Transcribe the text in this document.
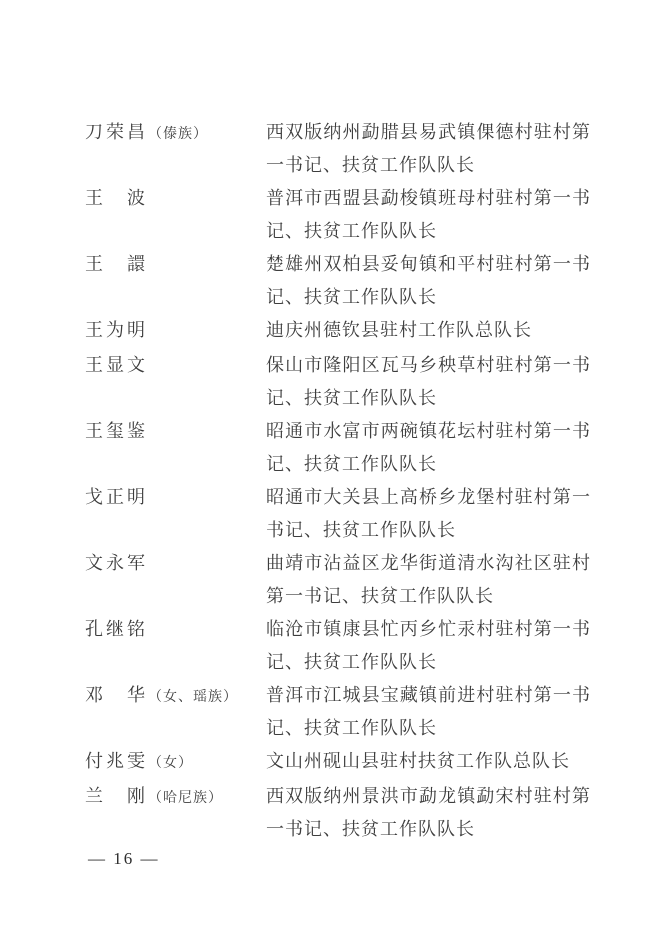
刀荣昌（傣族）	西双版纳州勐腊县易武镇倮德村驻村第一书记、扶贫工作队队长
王　波	普洱市西盟县勐梭镇班母村驻村第一书记、扶贫工作队队长
王　譞	楚雄州双柏县妥甸镇和平村驻村第一书记、扶贫工作队队长
王为明	迪庆州德钦县驻村工作队总队长
王显文	保山市隆阳区瓦马乡秧草村驻村第一书记、扶贫工作队队长
王玺鉴	昭通市水富市两碗镇花坛村驻村第一书记、扶贫工作队队长
戈正明	昭通市大关县上高桥乡龙堡村驻村第一书记、扶贫工作队队长
文永军	曲靖市沾益区龙华街道清水沟社区驻村第一书记、扶贫工作队队长
孔继铭	临沧市镇康县忙丙乡忙汞村驻村第一书记、扶贫工作队队长
邓　华（女、瑶族）	普洱市江城县宝藏镇前进村驻村第一书记、扶贫工作队队长
付兆雯（女）	文山州砚山县驻村扶贫工作队总队长
兰　刚（哈尼族）	西双版纳州景洪市勐龙镇勐宋村驻村第一书记、扶贫工作队队长
— 16 —
